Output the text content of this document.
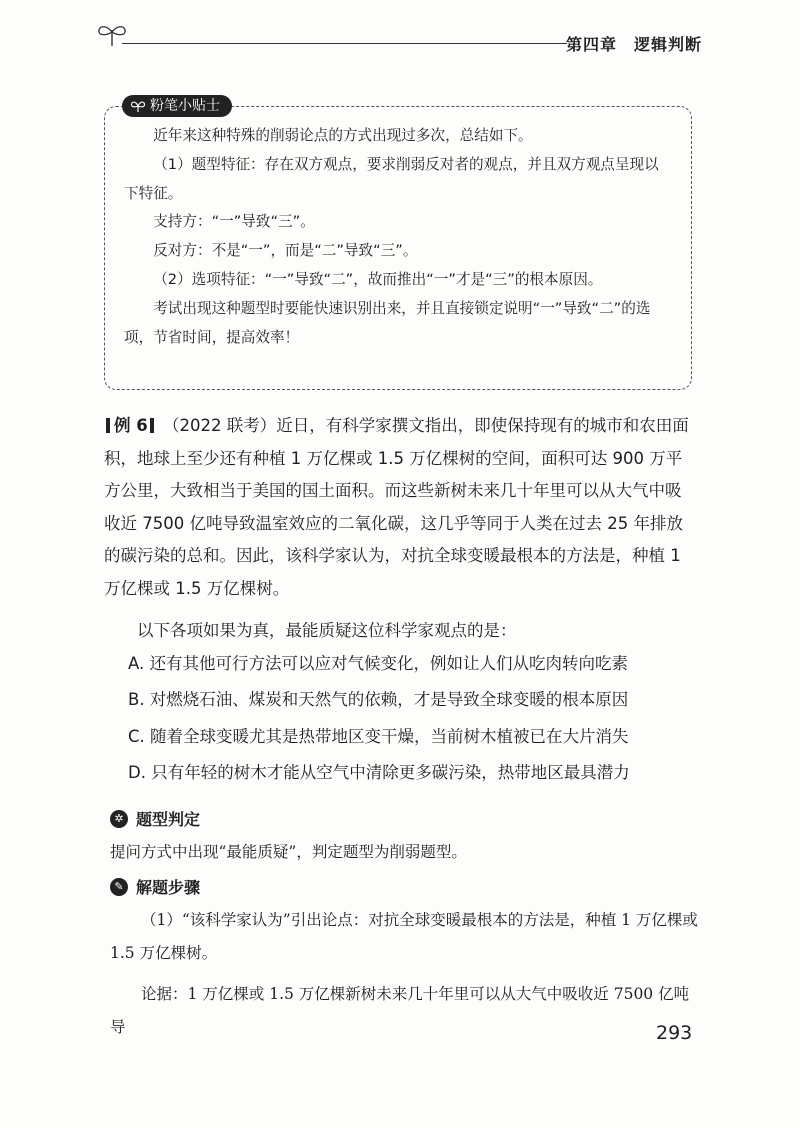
第四章　逻辑判断
粉笔小贴士

近年来这种特殊的削弱论点的方式出现过多次，总结如下。

（1）题型特征：存在双方观点，要求削弱反对者的观点，并且双方观点呈现以下特征。

支持方：“一”导致“三”。

反对方：不是“一”，而是“二”导致“三”。

（2）选项特征：“一”导致“二”，故而推出“一”才是“三”的根本原因。

考试出现这种题型时要能快速识别出来，并且直接锁定说明“一”导致“二”的选项，节省时间，提高效率！

例 6 （2022 联考）近日，有科学家撰文指出，即使保持现有的城市和农田面积，地球上至少还有种植 1 万亿棵或 1.5 万亿棵树的空间，面积可达 900 万平方公里，大致相当于美国的国土面积。而这些新树未来几十年里可以从大气中吸收近 7500 亿吨导致温室效应的二氧化碳，这几乎等同于人类在过去 25 年排放的碳污染的总和。因此，该科学家认为，对抗全球变暖最根本的方法是，种植 1 万亿棵或 1.5 万亿棵树。

以下各项如果为真，最能质疑这位科学家观点的是：

A. 还有其他可行方法可以应对气候变化，例如让人们从吃肉转向吃素

B. 对燃烧石油、煤炭和天然气的依赖，才是导致全球变暖的根本原因

C. 随着全球变暖尤其是热带地区变干燥，当前树木植被已在大片消失

D. 只有年轻的树木才能从空气中清除更多碳污染，热带地区最具潜力

✲ 题型判定

提问方式中出现“最能质疑”，判定题型为削弱题型。

✎ 解题步骤

（1）“该科学家认为”引出论点：对抗全球变暖最根本的方法是，种植 1 万亿棵或 1.5 万亿棵树。

论据：1 万亿棵或 1.5 万亿棵新树未来几十年里可以从大气中吸收近 7500 亿吨导	293
